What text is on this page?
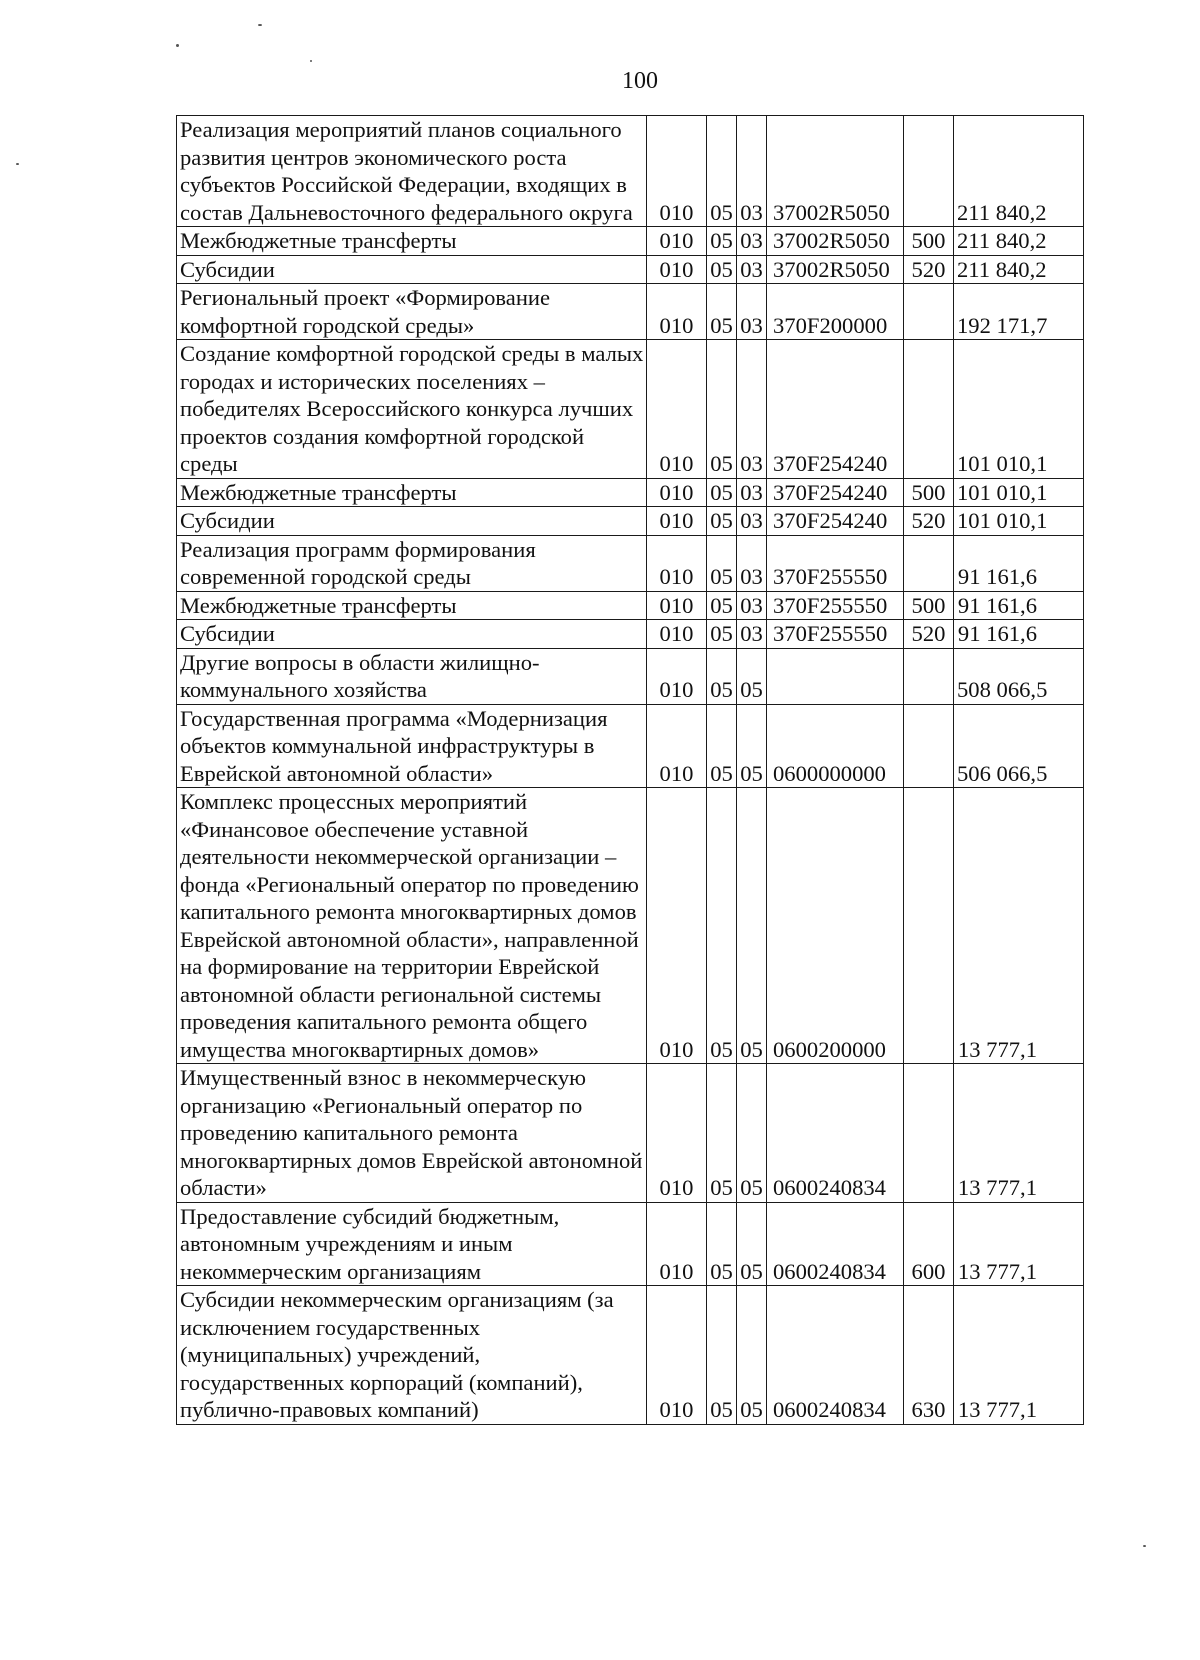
100
Реализация мероприятий планов социального развития центров экономического роста субъектов Российской Федерации, входящих в состав Дальневосточного федерального округа	010	05	03	37002R5050		211 840,2
Межбюджетные трансферты	010	05	03	37002R5050	500	211 840,2
Субсидии	010	05	03	37002R5050	520	211 840,2
Региональный проект «Формирование комфортной городской среды»	010	05	03	370F200000		192 171,7
Создание комфортной городской среды в малых городах и исторических поселениях – победителях Всероссийского конкурса лучших проектов создания комфортной городской среды	010	05	03	370F254240		101 010,1
Межбюджетные трансферты	010	05	03	370F254240	500	101 010,1
Субсидии	010	05	03	370F254240	520	101 010,1
Реализация программ формирования современной городской среды	010	05	03	370F255550		91 161,6
Межбюджетные трансферты	010	05	03	370F255550	500	91 161,6
Субсидии	010	05	03	370F255550	520	91 161,6
Другие вопросы в области жилищно-коммунального хозяйства	010	05	05			508 066,5
Государственная программа «Модернизация объектов коммунальной инфраструктуры в Еврейской автономной области»	010	05	05	0600000000		506 066,5
Комплекс процессных мероприятий «Финансовое обеспечение уставной деятельности некоммерческой организации – фонда «Региональный оператор по проведению капитального ремонта многоквартирных домов Еврейской автономной области», направленной на формирование на территории Еврейской автономной области региональной системы проведения капитального ремонта общего имущества многоквартирных домов»	010	05	05	0600200000		13 777,1
Имущественный взнос в некоммерческую организацию «Региональный оператор по проведению капитального ремонта многоквартирных домов Еврейской автономной области»	010	05	05	0600240834		13 777,1
Предоставление субсидий бюджетным, автономным учреждениям и иным некоммерческим организациям	010	05	05	0600240834	600	13 777,1
Субсидии некоммерческим организациям (за исключением государственных (муниципальных) учреждений, государственных корпораций (компаний), публично-правовых компаний)	010	05	05	0600240834	630	13 777,1
